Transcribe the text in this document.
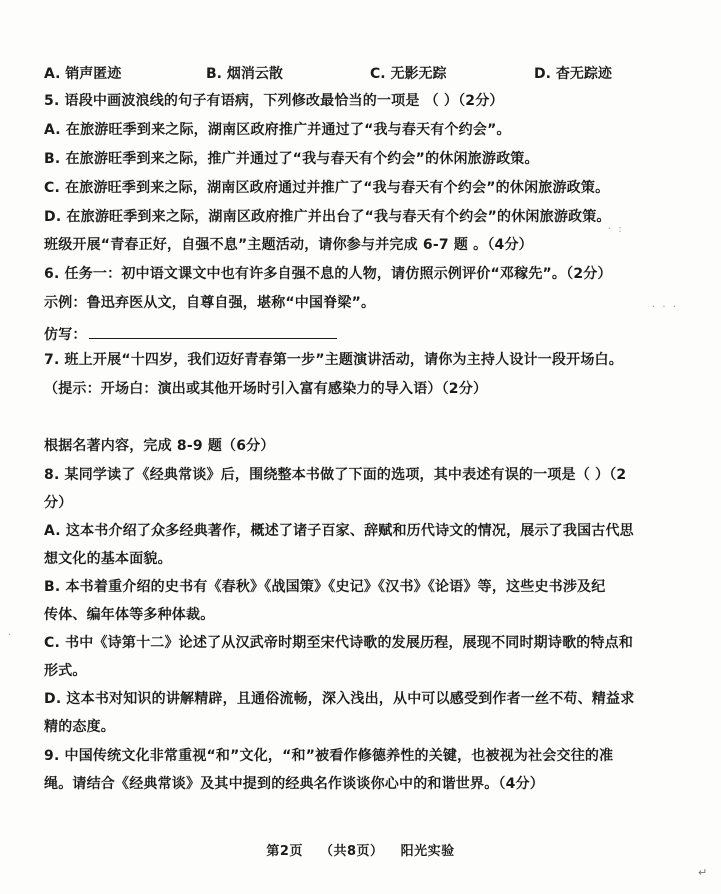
A. 销声匿迹	B. 烟消云散	C. 无影无踪	D. 杳无踪迹
5. 语段中画波浪线的句子有语病，下列修改最恰当的一项是 （ ）（2分）
A. 在旅游旺季到来之际，湖南区政府推广并通过了“我与春天有个约会”。
B. 在旅游旺季到来之际，推广并通过了“我与春天有个约会”的休闲旅游政策。
C. 在旅游旺季到来之际，湖南区政府通过并推广了“我与春天有个约会”的休闲旅游政策。
D. 在旅游旺季到来之际，湖南区政府推广并出台了“我与春天有个约会”的休闲旅游政策。
班级开展“青春正好，自强不息”主题活动，请你参与并完成 6-7 题 。（4分）
6. 任务一：初中语文课文中也有许多自强不息的人物，请仿照示例评价“邓稼先”。（2分）
示例：鲁迅弃医从文，自尊自强，堪称“中国脊梁”。
仿写：
7. 班上开展“十四岁，我们迈好青春第一步”主题演讲活动，请你为主持人设计一段开场白。
（提示：开场白：演出或其他开场时引入富有感染力的导入语）（2分）
根据名著内容，完成 8-9 题（6分）
8. 某同学读了《经典常谈》后，围绕整本书做了下面的选项，其中表述有误的一项是（ ）（2
分）
A. 这本书介绍了众多经典著作，概述了诸子百家、辞赋和历代诗文的情况，展示了我国古代思
想文化的基本面貌。
B. 本书着重介绍的史书有《春秋》《战国策》《史记》《汉书》《论语》等，这些史书涉及纪
传体、编年体等多种体裁。
C. 书中《诗第十二》论述了从汉武帝时期至宋代诗歌的发展历程，展现不同时期诗歌的特点和
形式。
D. 这本书对知识的讲解精辟，且通俗流畅，深入浅出，从中可以感受到作者一丝不苟、精益求
精的态度。
9. 中国传统文化非常重视“和”文化，“和”被看作修德养性的关键，也被视为社会交往的准
绳。请结合《经典常谈》及其中提到的经典名作谈谈你心中的和谐世界。（4分）
第2页 （共8页） 阳光实验
↵
· :
· · ·
·
